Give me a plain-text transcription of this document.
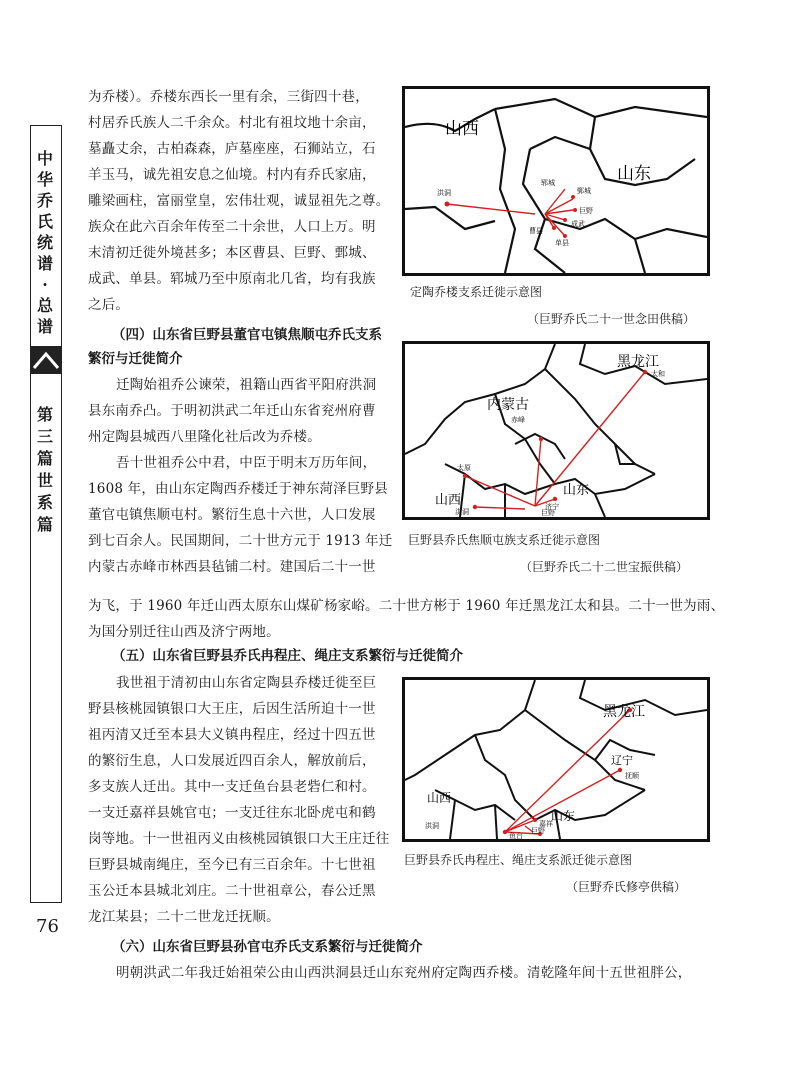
中华乔氏统谱·总谱
第三篇 世系篇
76
为乔楼）。乔楼东西长一里有余，三街四十巷，
村居乔氏族人二千余众。村北有祖坟地十余亩，
墓矗丈余，古柏森森，庐墓座座，石狮站立，石
羊玉马，诚先祖安息之仙境。村内有乔氏家庙，
雕梁画柱，富丽堂皇，宏伟壮观，诚显祖先之尊。
族众在此六百余年传至二十余世，人口上万。明
末清初迁徙外境甚多；本区曹县、巨野、鄄城、
成武、单县。郓城乃至中原南北几省，均有我族
之后。
（四）山东省巨野县董官屯镇焦顺屯乔氏支系
繁衍与迁徙简介
迁陶始祖乔公谏荣，祖籍山西省平阳府洪洞
县东南乔凸。于明初洪武二年迁山东省兖州府曹
州定陶县城西八里隆化社后改为乔楼。
吾十世祖乔公中君，中臣于明末万历年间，
1608 年，由山东定陶西乔楼迁于神东菏泽巨野县
董官屯镇焦顺屯村。繁衍生息十六世，人口发展
到七百余人。民国期间，二十世方元于 1913 年迁
内蒙古赤峰市林西县毡铺二村。建国后二十一世
为飞，于 1960 年迁山西太原东山煤矿杨家峪。二十世方彬于 1960 年迁黑龙江太和县。二十一世为雨、
为国分别迁往山西及济宁两地。
（五）山东省巨野县乔氏冉程庄、绳庄支系繁衍与迁徙简介
我世祖于清初由山东省定陶县乔楼迁徙至巨
野县核桃园镇银口大王庄，后因生活所迫十一世
祖丙清又迁至本县大义镇冉程庄，经过十四五世
的繁衍生息，人口发展近四百余人，解放前后，
多支族人迁出。其中一支迁鱼台县老砦仁和村。
一支迁嘉祥县姚官屯；一支迁往东北卧虎屯和鹤
岗等地。十一世祖丙义由核桃园镇银口大王庄迁往
巨野县城南绳庄，至今已有三百余年。十七世祖
玉公迁本县城北刘庄。二十世祖章公，春公迁黑
龙江某县；二十二世龙迁抚顺。
（六）山东省巨野县孙官屯乔氏支系繁衍与迁徙简介
明朝洪武二年我迁始祖荣公由山西洪洞县迁山东兖州府定陶西乔楼。清乾隆年间十五世祖胖公，
山西
山东
洪洞
郓城
鄄城
巨野
成武
曹县
单县
定陶乔楼支系迁徙示意图
（巨野乔氏二十一世念田供稿）
黑龙江
内蒙古
赤峰
太和
太原
山西
山东
洪洞
济宁
巨野
巨野县乔氏焦顺屯族支系迁徙示意图
（巨野乔氏二十二世宝振供稿）
黑龙江
辽宁
抚顺
山西
山东
洪洞	嘉祥
巨野
鱼台
巨野县乔氏冉程庄、绳庄支系派迁徙示意图
（巨野乔氏修亭供稿）
